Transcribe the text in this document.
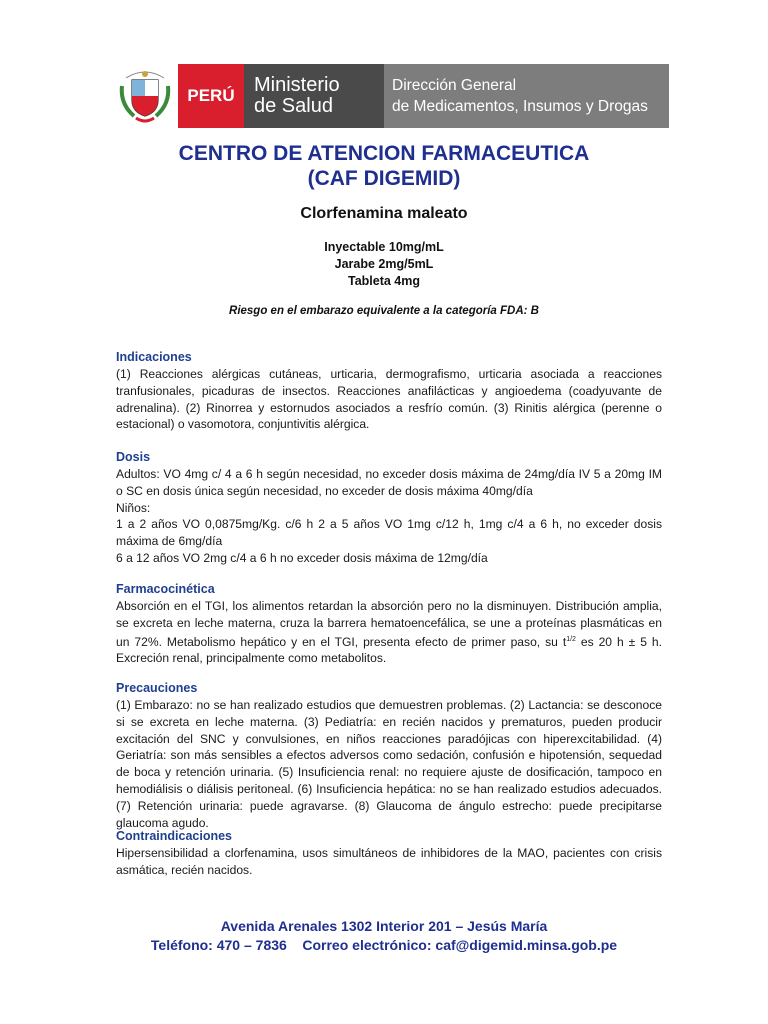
PERÚ Ministerio
de Salud
Dirección General
de Medicamentos, Insumos y Drogas
CENTRO DE ATENCION FARMACEUTICA
(CAF DIGEMID)
Clorfenamina maleato
Inyectable 10mg/mL
Jarabe 2mg/5mL
Tableta 4mg
Riesgo en el embarazo equivalente a la categoría FDA: B
Indicaciones
(1) Reacciones alérgicas cutáneas, urticaria, dermografismo, urticaria asociada a reacciones tranfusionales, picaduras de insectos. Reacciones anafilácticas y angioedema (coadyuvante de adrenalina). (2) Rinorrea y estornudos asociados a resfrío común. (3) Rinitis alérgica (perenne o estacional) o vasomotora, conjuntivitis alérgica.
Dosis

Adultos: VO 4mg c/ 4 a 6 h según necesidad, no exceder dosis máxima de 24mg/día IV 5 a 20mg IM o SC en dosis única según necesidad, no exceder de dosis máxima 40mg/día

Niños:

1 a 2 años VO 0,0875mg/Kg. c/6 h 2 a 5 años VO 1mg c/12 h, 1mg c/4 a 6 h, no exceder dosis máxima de 6mg/día

6 a 12 años VO 2mg c/4 a 6 h no exceder dosis máxima de 12mg/día

Farmacocinética
Absorción en el TGI, los alimentos retardan la absorción pero no la disminuyen. Distribución amplia, se excreta en leche materna, cruza la barrera hematoencefálica, se une a proteínas plasmáticas en un 72%. Metabolismo hepático y en el TGI, presenta efecto de primer paso, su $t^{1/2}$ es 20 h ± 5 h. Excreción renal, principalmente como metabolitos.
Precauciones
(1) Embarazo: no se han realizado estudios que demuestren problemas. (2) Lactancia: se desconoce si se excreta en leche materna. (3) Pediatría: en recién nacidos y prematuros, pueden producir excitación del SNC y convulsiones, en niños reacciones paradójicas con hiperexcitabilidad. (4) Geriatría: son más sensibles a efectos adversos como sedación, confusión e hipotensión, sequedad de boca y retención urinaria. (5) Insuficiencia renal: no requiere ajuste de dosificación, tampoco en hemodiálisis o diálisis peritoneal. (6) Insuficiencia hepática: no se han realizado estudios adecuados. (7) Retención urinaria: puede agravarse. (8) Glaucoma de ángulo estrecho: puede precipitarse glaucoma agudo.
Contraindicaciones
Hipersensibilidad a clorfenamina, usos simultáneos de inhibidores de la MAO, pacientes con crisis asmática, recién nacidos.
Avenida Arenales 1302 Interior 201 – Jesús María
Teléfono: 470 – 7836 Correo electrónico: caf@digemid.minsa.gob.pe
